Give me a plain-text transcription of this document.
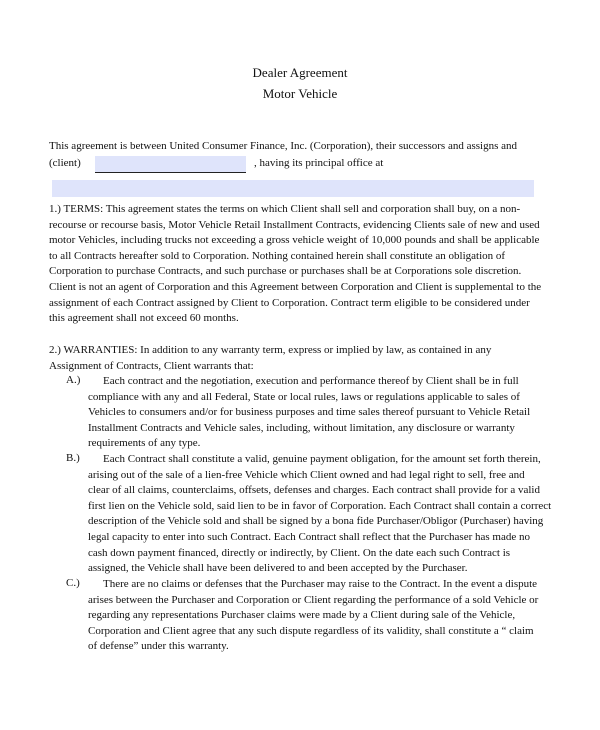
Dealer Agreement
Motor Vehicle
This agreement is between United Consumer Finance, Inc. (Corporation), their successors and assigns and
(client)	, having its principal office at
1.) TERMS: This agreement states the terms on which Client shall sell and corporation shall buy, on a non-
recourse or recourse basis, Motor Vehicle Retail Installment Contracts, evidencing Clients sale of new and used
motor Vehicles, including trucks not exceeding a gross vehicle weight of 10,000 pounds and shall be applicable
to all Contracts hereafter sold to Corporation. Nothing contained herein shall constitute an obligation of
Corporation to purchase Contracts, and such purchase or purchases shall be at Corporations sole discretion.
Client is not an agent of Corporation and this Agreement between Corporation and Client is supplemental to the
assignment of each Contract assigned by Client to Corporation. Contract term eligible to be considered under
this agreement shall not exceed 60 months.
2.) WARRANTIES: In addition to any warranty term, express or implied by law, as contained in any
Assignment of Contracts, Client warrants that:
A.)	Each contract and the negotiation, execution and performance thereof by Client shall be in full
compliance with any and all Federal, State or local rules, laws or regulations applicable to sales of
Vehicles to consumers and/or for business purposes and time sales thereof pursuant to Vehicle Retail
Installment Contracts and Vehicle sales, including, without limitation, any disclosure or warranty
requirements of any type.
B.)	Each Contract shall constitute a valid, genuine payment obligation, for the amount set forth therein,
arising out of the sale of a lien-free Vehicle which Client owned and had legal right to sell, free and
clear of all claims, counterclaims, offsets, defenses and charges. Each contract shall provide for a valid
first lien on the Vehicle sold, said lien to be in favor of Corporation. Each Contract shall contain a correct
description of the Vehicle sold and shall be signed by a bona fide Purchaser/Obligor (Purchaser) having
legal capacity to enter into such Contract. Each Contract shall reflect that the Purchaser has made no
cash down payment financed, directly or indirectly, by Client. On the date each such Contract is
assigned, the Vehicle shall have been delivered to and been accepted by the Purchaser.
C.)	There are no claims or defenses that the Purchaser may raise to the Contract. In the event a dispute
arises between the Purchaser and Corporation or Client regarding the performance of a sold Vehicle or
regarding any representations Purchaser claims were made by a Client during sale of the Vehicle,
Corporation and Client agree that any such dispute regardless of its validity, shall constitute a “ claim
of defense” under this warranty.
